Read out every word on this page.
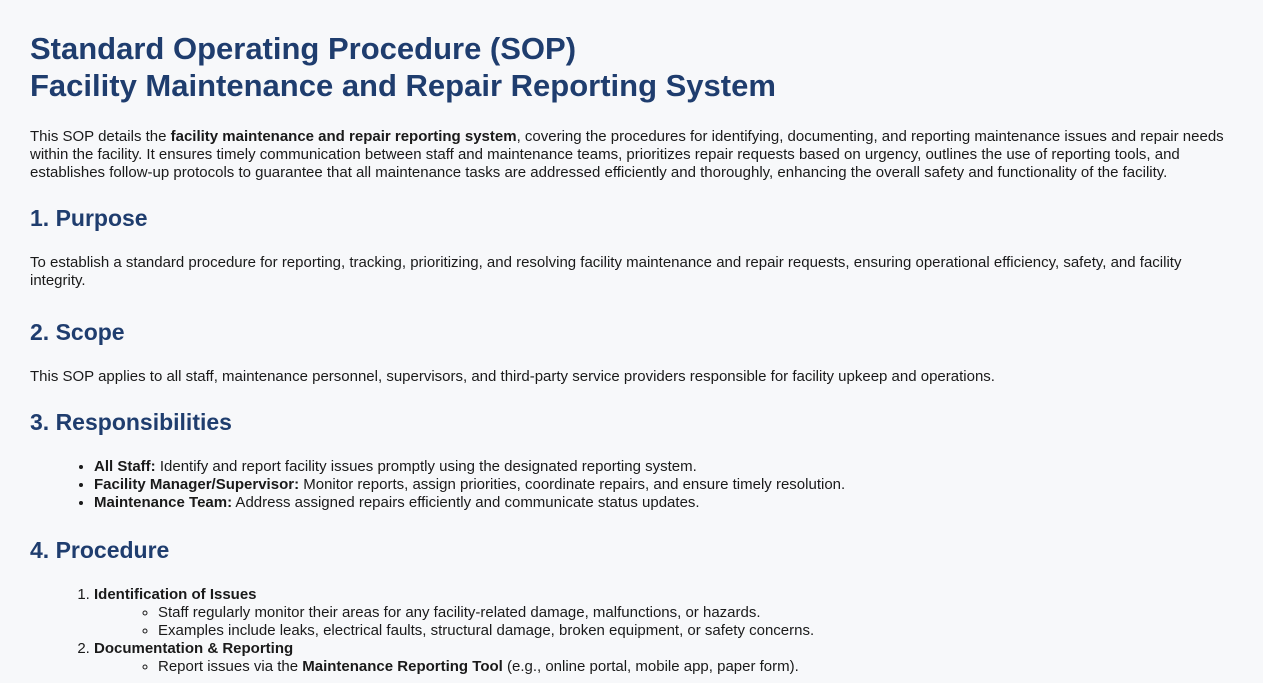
Standard Operating Procedure (SOP)
Facility Maintenance and Repair Reporting System

This SOP details the facility maintenance and repair reporting system, covering the procedures for identifying, documenting, and reporting maintenance issues and repair needs within the facility. It ensures timely communication between staff and maintenance teams, prioritizes repair requests based on urgency, outlines the use of reporting tools, and establishes follow-up protocols to guarantee that all maintenance tasks are addressed efficiently and thoroughly, enhancing the overall safety and functionality of the facility.

1. Purpose

To establish a standard procedure for reporting, tracking, prioritizing, and resolving facility maintenance and repair requests, ensuring operational efficiency, safety, and facility integrity.

2. Scope

This SOP applies to all staff, maintenance personnel, supervisors, and third-party service providers responsible for facility upkeep and operations.

3. Responsibilities
• All Staff: Identify and report facility issues promptly using the designated reporting system.
• Facility Manager/Supervisor: Monitor reports, assign priorities, coordinate repairs, and ensure timely resolution.
• Maintenance Team: Address assigned repairs efficiently and communicate status updates.
4. Procedure
1. Identification of Issues
◦ Staff regularly monitor their areas for any facility-related damage, malfunctions, or hazards.
◦ Examples include leaks, electrical faults, structural damage, broken equipment, or safety concerns.
2. Documentation & Reporting
◦ Report issues via the Maintenance Reporting Tool (e.g., online portal, mobile app, paper form).
